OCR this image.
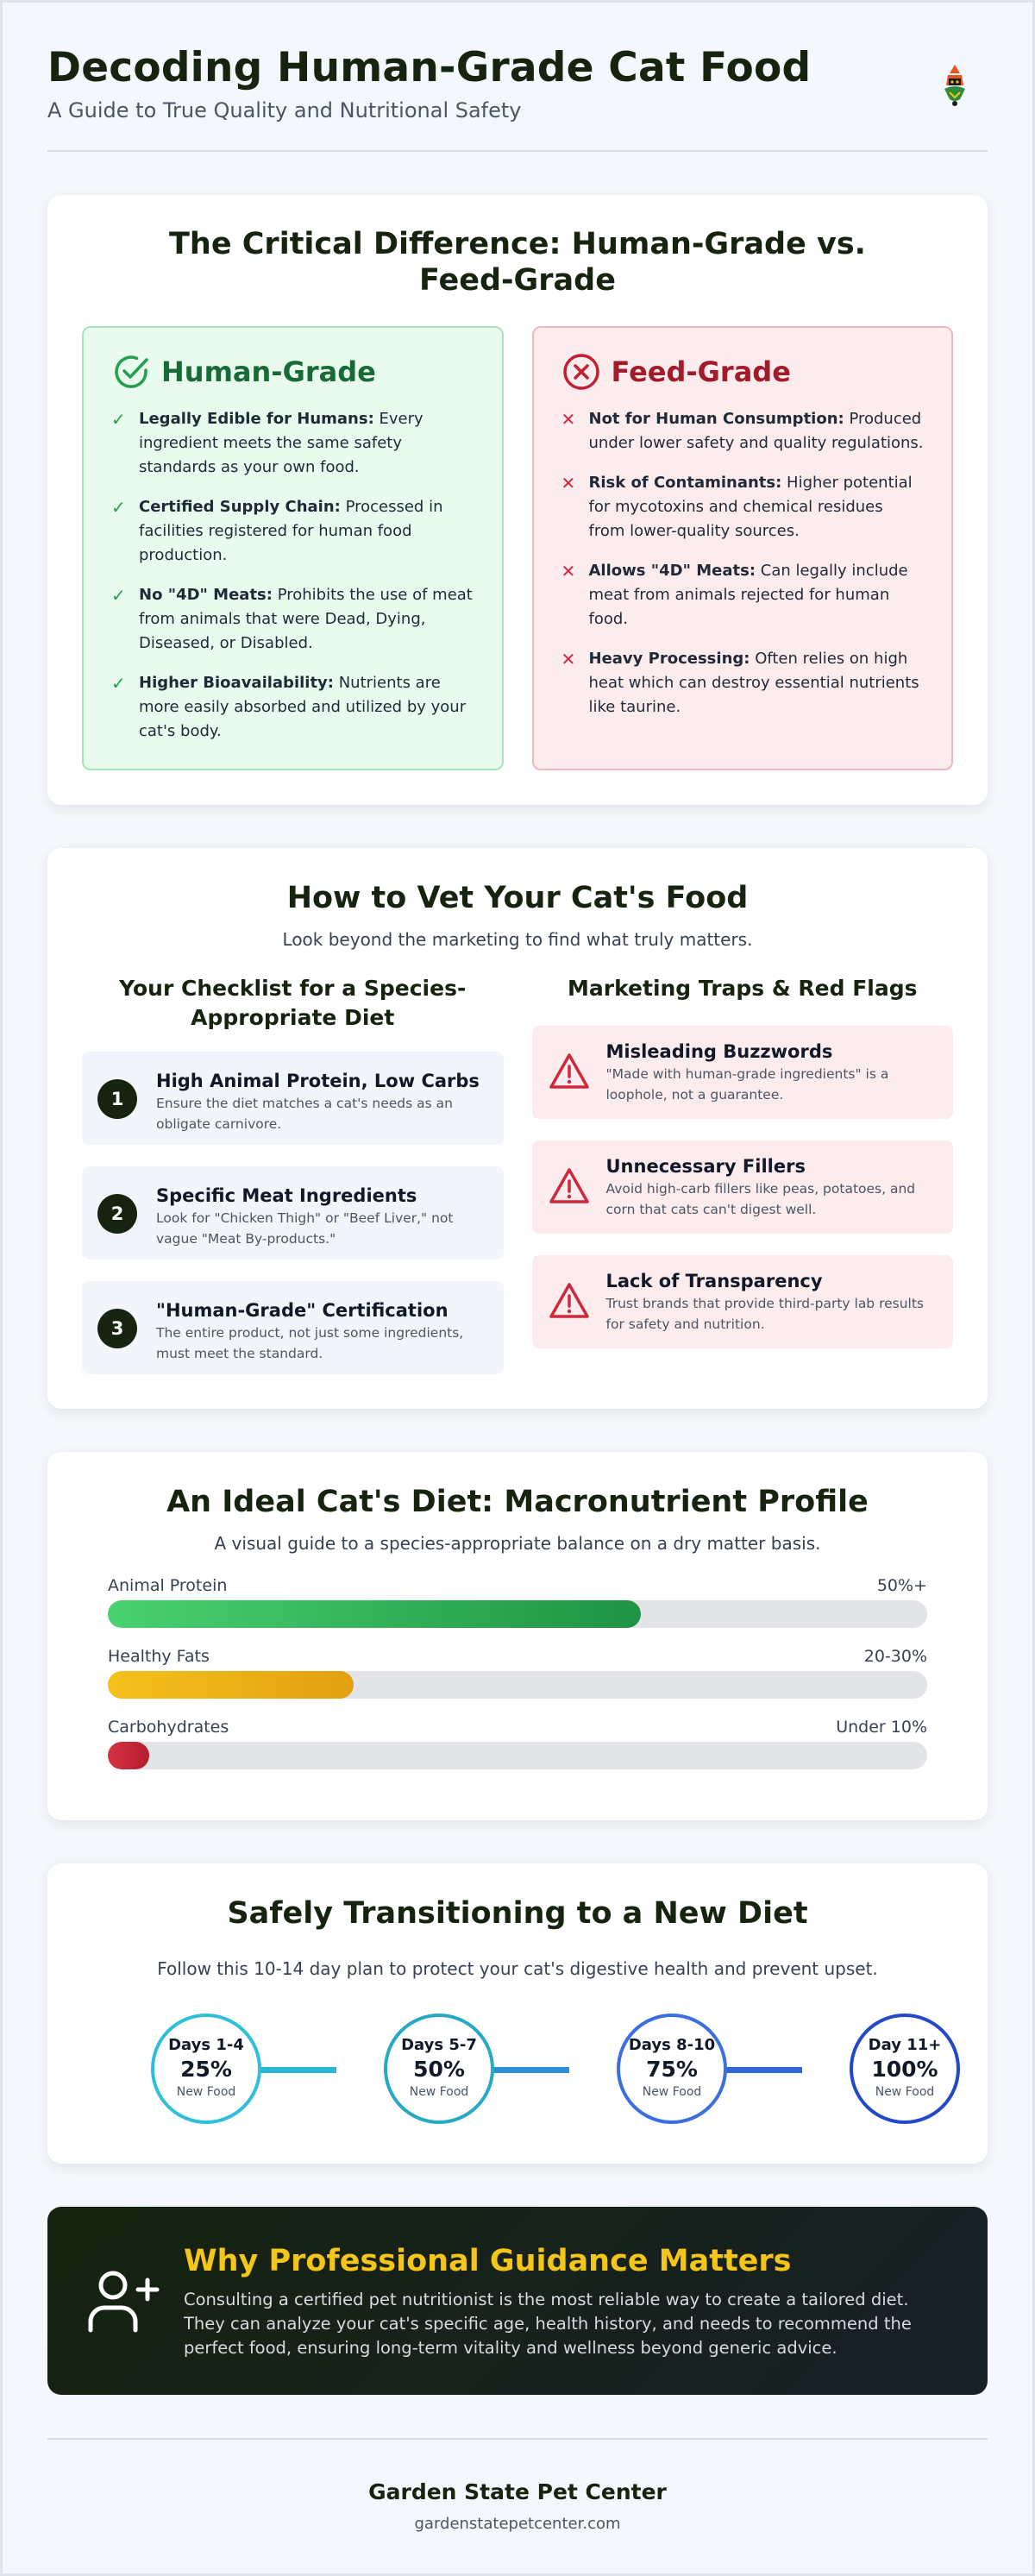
Decoding Human-Grade Cat Food
A Guide to True Quality and Nutritional Safety
The Critical Difference: Human-Grade vs. Feed-Grade
Human-Grade
✓ Legally Edible for Humans: Every ingredient meets the same safety standards as your own food.
✓ Certified Supply Chain: Processed in facilities registered for human food production.
✓ No "4D" Meats: Prohibits the use of meat from animals that were Dead, Dying, Diseased, or Disabled.
✓ Higher Bioavailability: Nutrients are more easily absorbed and utilized by your cat's body.
Feed-Grade
✕ Not for Human Consumption: Produced under lower safety and quality regulations.
✕ Risk of Contaminants: Higher potential for mycotoxins and chemical residues from lower-quality sources.
✕ Allows "4D" Meats: Can legally include meat from animals rejected for human food.
✕ Heavy Processing: Often relies on high heat which can destroy essential nutrients like taurine.
How to Vet Your Cat's Food
Look beyond the marketing to find what truly matters.
Your Checklist for a Species-Appropriate Diet
1
High Animal Protein, Low Carbs
Ensure the diet matches a cat's needs as an obligate carnivore.
2
Specific Meat Ingredients
Look for "Chicken Thigh" or "Beef Liver," not vague "Meat By-products."
3
"Human-Grade" Certification
The entire product, not just some ingredients, must meet the standard.
Marketing Traps & Red Flags
Misleading Buzzwords
"Made with human-grade ingredients" is a loophole, not a guarantee.
Unnecessary Fillers
Avoid high-carb fillers like peas, potatoes, and corn that cats can't digest well.
Lack of Transparency
Trust brands that provide third-party lab results for safety and nutrition.
An Ideal Cat's Diet: Macronutrient Profile
A visual guide to a species-appropriate balance on a dry matter basis.
Animal Protein	50%+
Healthy Fats	20-30%
Carbohydrates	Under 10%
Safely Transitioning to a New Diet
Follow this 10-14 day plan to protect your cat's digestive health and prevent upset.
Days 1-4
25%
New Food
Days 5-7
50%
New Food
Days 8-10
75%
New Food
Day 11+
100%
New Food
Why Professional Guidance Matters

Consulting a certified pet nutritionist is the most reliable way to create a tailored diet. They can analyze your cat's specific age, health history, and needs to recommend the perfect food, ensuring long-term vitality and wellness beyond generic advice.

Garden State Pet Center
gardenstatepetcenter.com
